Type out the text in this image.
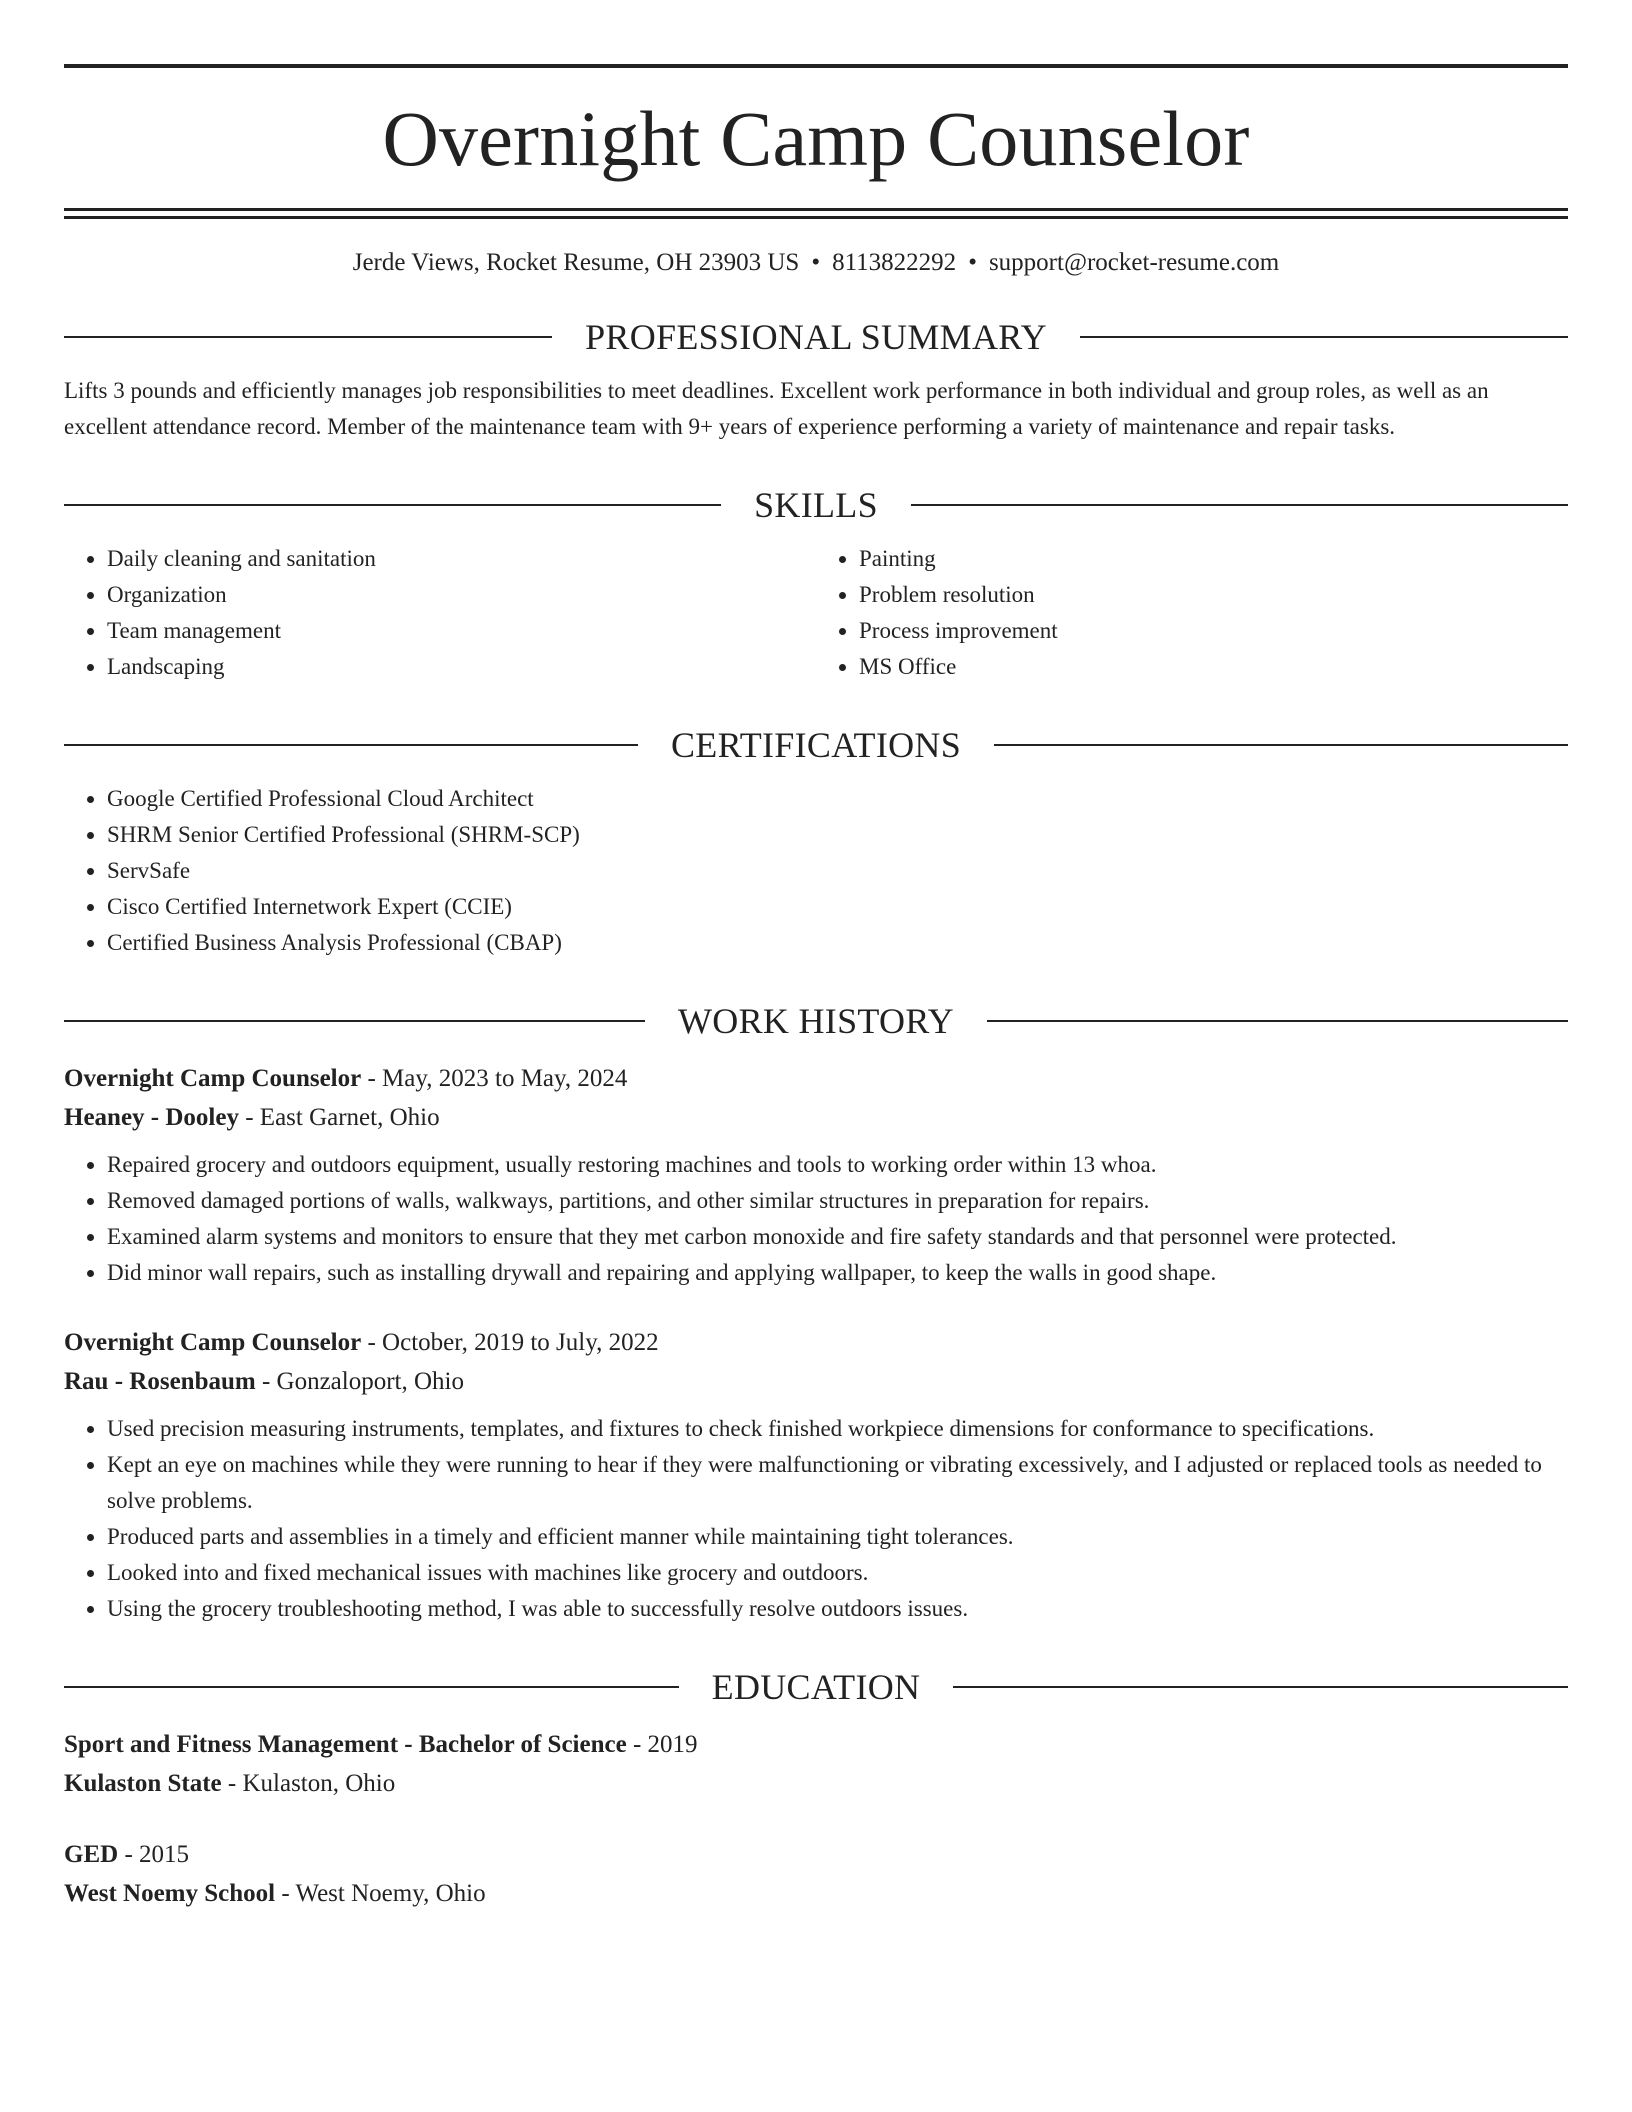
Overnight Camp Counselor
Jerde Views, Rocket Resume, OH 23903 US • 8113822292 • support@rocket-resume.com
PROFESSIONAL SUMMARY

Lifts 3 pounds and efficiently manages job responsibilities to meet deadlines. Excellent work performance in both individual and group roles, as well as an excellent attendance record. Member of the maintenance team with 9+ years of experience performing a variety of maintenance and repair tasks.

SKILLS
• Daily cleaning and sanitation
• Organization
• Team management
• Landscaping
• Painting
• Problem resolution
• Process improvement
• MS Office
CERTIFICATIONS
• Google Certified Professional Cloud Architect
• SHRM Senior Certified Professional (SHRM-SCP)
• ServSafe
• Cisco Certified Internetwork Expert (CCIE)
• Certified Business Analysis Professional (CBAP)
WORK HISTORY
Overnight Camp Counselor - May, 2023 to May, 2024
Heaney - Dooley - East Garnet, Ohio
• Repaired grocery and outdoors equipment, usually restoring machines and tools to working order within 13 whoa.
• Removed damaged portions of walls, walkways, partitions, and other similar structures in preparation for repairs.
• Examined alarm systems and monitors to ensure that they met carbon monoxide and fire safety standards and that personnel were protected.
• Did minor wall repairs, such as installing drywall and repairing and applying wallpaper, to keep the walls in good shape.
Overnight Camp Counselor - October, 2019 to July, 2022
Rau - Rosenbaum - Gonzaloport, Ohio
• Used precision measuring instruments, templates, and fixtures to check finished workpiece dimensions for conformance to specifications.
• Kept an eye on machines while they were running to hear if they were malfunctioning or vibrating excessively, and I adjusted or replaced tools as needed to solve problems.
• Produced parts and assemblies in a timely and efficient manner while maintaining tight tolerances.
• Looked into and fixed mechanical issues with machines like grocery and outdoors.
• Using the grocery troubleshooting method, I was able to successfully resolve outdoors issues.
EDUCATION
Sport and Fitness Management - Bachelor of Science - 2019
Kulaston State - Kulaston, Ohio
GED - 2015
West Noemy School - West Noemy, Ohio
